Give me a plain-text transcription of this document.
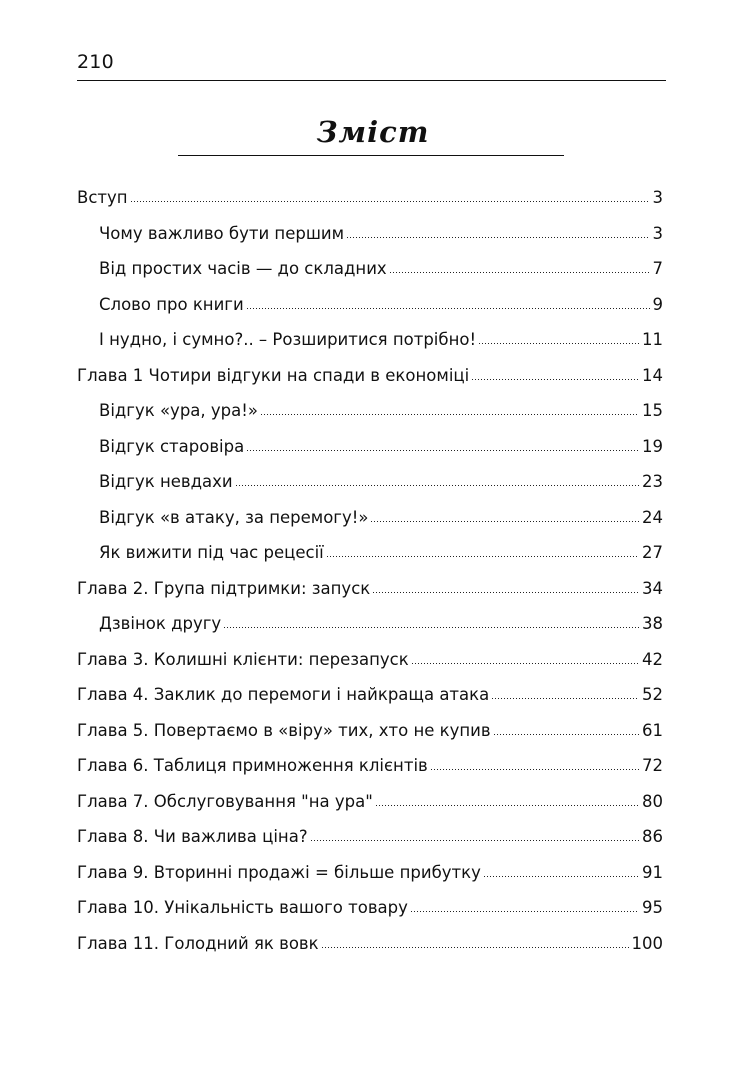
210
Зміст
Вступ	3
Чому важливо бути першим	3
Від простих часів — до складних	7
Слово про книги	9
І нудно, і сумно?.. – Розширитися потрібно!	11
Глава 1 Чотири відгуки на спади в економіці	14
Відгук «ура, ура!»	15
Відгук старовіра	19
Відгук невдахи	23
Відгук «в атаку, за перемогу!»	24
Як вижити під час рецесії	27
Глава 2. Група підтримки: запуск	34
Дзвінок другу	38
Глава 3. Колишні клієнти: перезапуск	42
Глава 4. Заклик до перемоги і найкраща атака	52
Глава 5. Повертаємо в «віру» тих, хто не купив	61
Глава 6. Таблиця примноження клієнтів	72
Глава 7. Обслуговування "на ура"	80
Глава 8. Чи важлива ціна?	86
Глава 9. Вторинні продажі = більше прибутку	91
Глава 10. Унікальність вашого товару	95
Глава 11. Голодний як вовк	100
